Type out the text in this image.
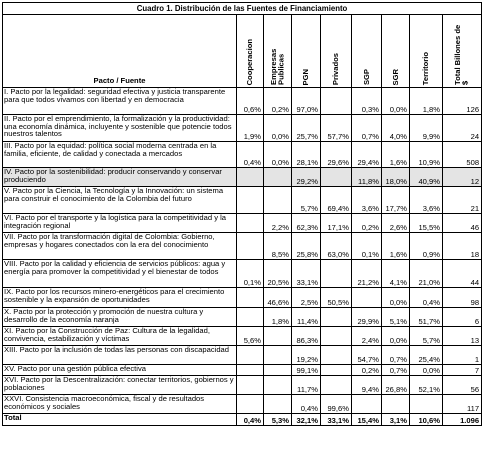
Cuadro 1. Distribución de las Fuentes de Financiamiento								
Pacto / Fuente	Cooperacion	Empresas Publicas	PGN	Privados	SGP	SGR	Territorio	Total Billones de $

I. Pacto por la legalidad: seguridad efectiva y justicia transparente para que todos vivamos con libertad y en democracia	0,6%	0,2%	97,0%		0,3%	0,0%	1,8%	126
II. Pacto por el emprendimiento, la formalización y la productividad: una economía dinámica, incluyente y sostenible que potencie todos nuestros talentos	1,9%	0,0%	25,7%	57,7%	0,7%	4,0%	9,9%	24
III. Pacto por la equidad: política social moderna centrada en la familia, eficiente, de calidad y conectada a mercados	0,4%	0,0%	28,1%	29,6%	29,4%	1,6%	10,9%	508
IV. Pacto por la sostenibilidad: producir conservando y conservar produciendo			29,2%		11,8%	18,0%	40,9%	12
V. Pacto por la Ciencia, la Tecnología y la Innovación: un sistema para construir el conocimiento de la Colombia del futuro			5,7%	69,4%	3,6%	17,7%	3,6%	21
VI. Pacto por el transporte y la logística para la competitividad y la integración regional		2,2%	62,3%	17,1%	0,2%	2,6%	15,5%	46
VII. Pacto por la transformación digital de Colombia: Gobierno, empresas y hogares conectados con la era del conocimiento		8,5%	25,8%	63,0%	0,1%	1,6%	0,9%	18
VIII. Pacto por la calidad y eficiencia de servicios públicos: agua y energía para promover la competitividad y el bienestar de todos	0,1%	20,5%	33,1%		21,2%	4,1%	21,0%	44
IX. Pacto por los recursos minero-energéticos para el crecimiento sostenible y la expansión de oportunidades		46,6%	2,5%	50,5%		0,0%	0,4%	98
X. Pacto por la protección y promoción de nuestra cultura y desarrollo de la economía naranja		1,8%	11,4%		29,9%	5,1%	51,7%	6
XI. Pacto por la Construcción de Paz: Cultura de la legalidad, convivencia, estabilización y víctimas	5,6%		86,3%		2,4%	0,0%	5,7%	13
XIII. Pacto por la inclusión de todas las personas con discapacidad			19,2%		54,7%	0,7%	25,4%	1
XV. Pacto por una gestión pública efectiva			99,1%		0,2%	0,7%	0,0%	7
XVI. Pacto por la Descentralización: conectar territorios, gobiernos y poblaciones			11,7%		9,4%	26,8%	52,1%	56
XXVI. Consistencia macroeconómica, fiscal y de resultados económicos y sociales			0,4%	99,6%				117
Total	0,4%	5,3%	32,1%	33,1%	15,4%	3,1%	10,6%	1.096
